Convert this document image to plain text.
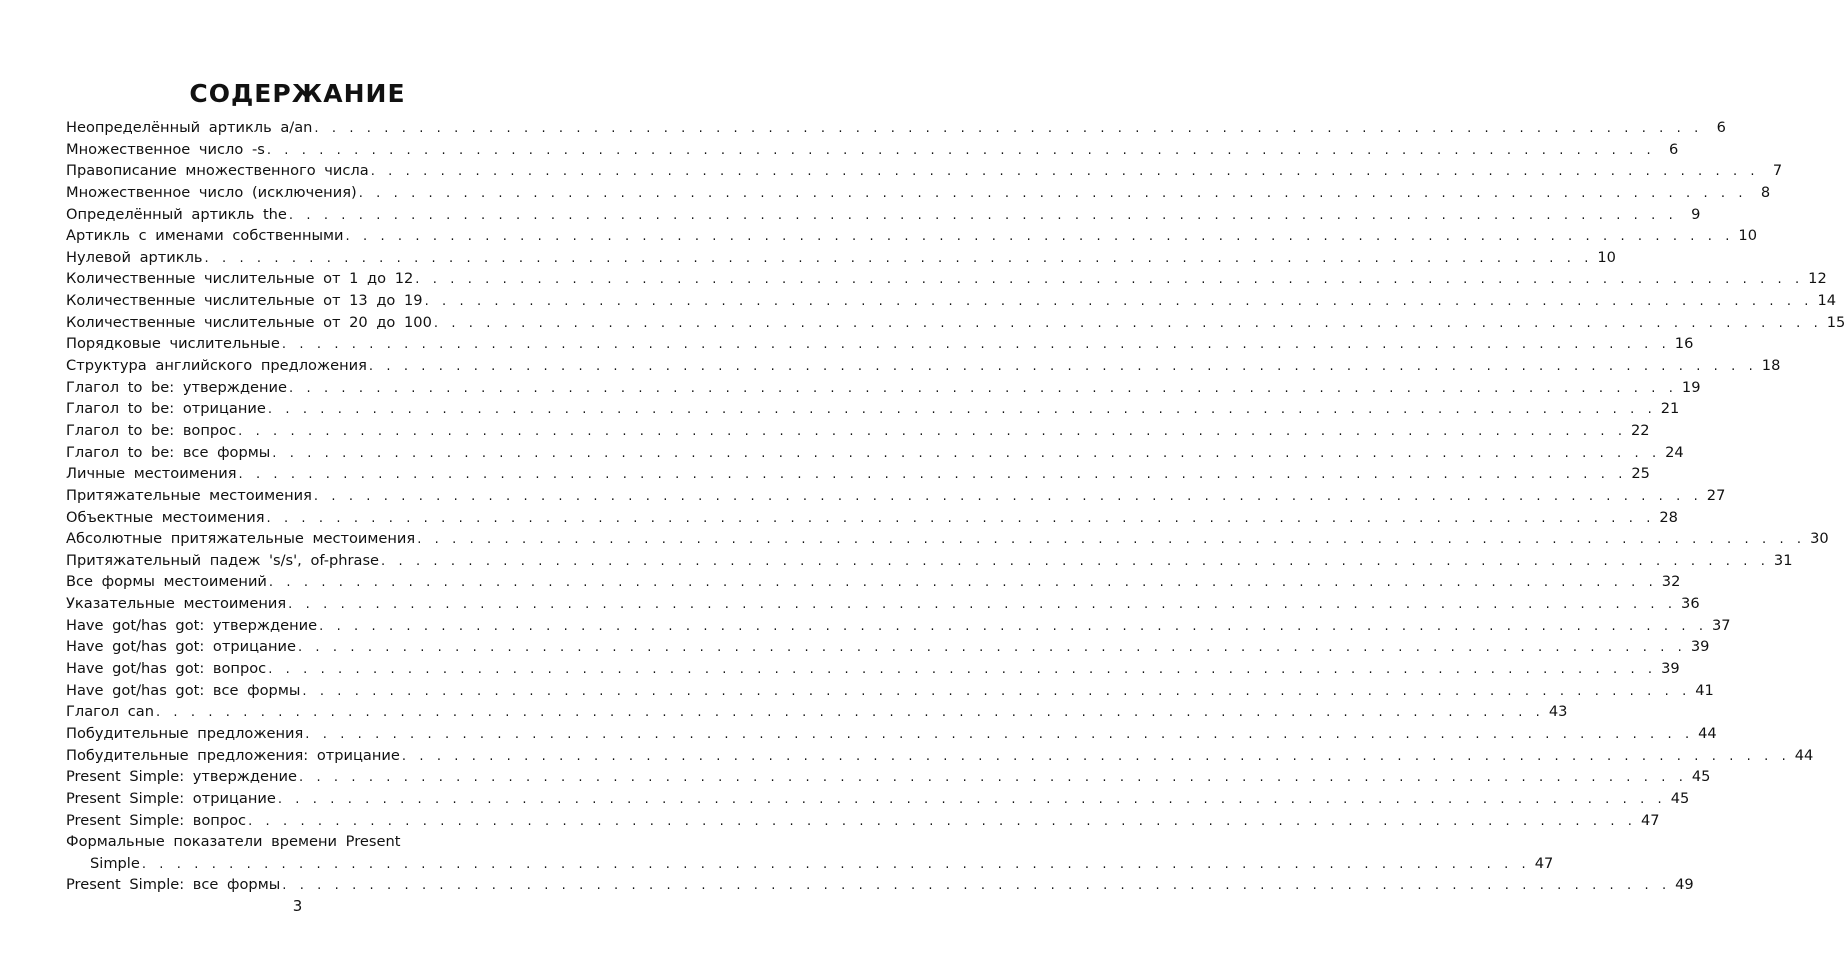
СОДЕРЖАНИЕ
Неопределённый артикль a/an . . . . . . . . . . . . . . . . . . . . . . . . . . . . . . . . . . . . . . . . . . . . . . . . . . . . . . . . . . . . . . . . . . . . . . . . . . . . . . . .	6
Множественное число -s . . . . . . . . . . . . . . . . . . . . . . . . . . . . . . . . . . . . . . . . . . . . . . . . . . . . . . . . . . . . . . . . . . . . . . . . . . . . . . . .	6
Правописание множественного числа . . . . . . . . . . . . . . . . . . . . . . . . . . . . . . . . . . . . . . . . . . . . . . . . . . . . . . . . . . . . . . . . . . . . . . . . . . . . . . . .	7
Множественное число (исключения) . . . . . . . . . . . . . . . . . . . . . . . . . . . . . . . . . . . . . . . . . . . . . . . . . . . . . . . . . . . . . . . . . . . . . . . . . . . . . . . .	8
Определённый артикль the . . . . . . . . . . . . . . . . . . . . . . . . . . . . . . . . . . . . . . . . . . . . . . . . . . . . . . . . . . . . . . . . . . . . . . . . . . . . . . . .	9
Артикль с именами собственными . . . . . . . . . . . . . . . . . . . . . . . . . . . . . . . . . . . . . . . . . . . . . . . . . . . . . . . . . . . . . . . . . . . . . . . . . . . . . . . . 10
Нулевой артикль . . . . . . . . . . . . . . . . . . . . . . . . . . . . . . . . . . . . . . . . . . . . . . . . . . . . . . . . . . . . . . . . . . . . . . . . . . . . . . . . 10
Количественные числительные от 1 до 12 . . . . . . . . . . . . . . . . . . . . . . . . . . . . . . . . . . . . . . . . . . . . . . . . . . . . . . . . . . . . . . . . . . . . . . . . . . . . . . . . 12
Количественные числительные от 13 до 19 . . . . . . . . . . . . . . . . . . . . . . . . . . . . . . . . . . . . . . . . . . . . . . . . . . . . . . . . . . . . . . . . . . . . . . . . . . . . . . . . 14
Количественные числительные от 20 до 100 . . . . . . . . . . . . . . . . . . . . . . . . . . . . . . . . . . . . . . . . . . . . . . . . . . . . . . . . . . . . . . . . . . . . . . . . . . . . . . . . 15
Порядковые числительные . . . . . . . . . . . . . . . . . . . . . . . . . . . . . . . . . . . . . . . . . . . . . . . . . . . . . . . . . . . . . . . . . . . . . . . . . . . . . . . . 16
Структура английского предложения . . . . . . . . . . . . . . . . . . . . . . . . . . . . . . . . . . . . . . . . . . . . . . . . . . . . . . . . . . . . . . . . . . . . . . . . . . . . . . . . 18
Глагол to be: утверждение . . . . . . . . . . . . . . . . . . . . . . . . . . . . . . . . . . . . . . . . . . . . . . . . . . . . . . . . . . . . . . . . . . . . . . . . . . . . . . . . 19
Глагол to be: отрицание . . . . . . . . . . . . . . . . . . . . . . . . . . . . . . . . . . . . . . . . . . . . . . . . . . . . . . . . . . . . . . . . . . . . . . . . . . . . . . . . 21
Глагол to be: вопрос . . . . . . . . . . . . . . . . . . . . . . . . . . . . . . . . . . . . . . . . . . . . . . . . . . . . . . . . . . . . . . . . . . . . . . . . . . . . . . . . 22
Глагол to be: все формы . . . . . . . . . . . . . . . . . . . . . . . . . . . . . . . . . . . . . . . . . . . . . . . . . . . . . . . . . . . . . . . . . . . . . . . . . . . . . . . . 24
Личные местоимения . . . . . . . . . . . . . . . . . . . . . . . . . . . . . . . . . . . . . . . . . . . . . . . . . . . . . . . . . . . . . . . . . . . . . . . . . . . . . . . . 25
Притяжательные местоимения . . . . . . . . . . . . . . . . . . . . . . . . . . . . . . . . . . . . . . . . . . . . . . . . . . . . . . . . . . . . . . . . . . . . . . . . . . . . . . . . 27
Объектные местоимения . . . . . . . . . . . . . . . . . . . . . . . . . . . . . . . . . . . . . . . . . . . . . . . . . . . . . . . . . . . . . . . . . . . . . . . . . . . . . . . . 28
Абсолютные притяжательные местоимения . . . . . . . . . . . . . . . . . . . . . . . . . . . . . . . . . . . . . . . . . . . . . . . . . . . . . . . . . . . . . . . . . . . . . . . . . . . . . . . . 30
Притяжательный падеж 's/s', of-phrase . . . . . . . . . . . . . . . . . . . . . . . . . . . . . . . . . . . . . . . . . . . . . . . . . . . . . . . . . . . . . . . . . . . . . . . . . . . . . . . . 31
Все формы местоимений . . . . . . . . . . . . . . . . . . . . . . . . . . . . . . . . . . . . . . . . . . . . . . . . . . . . . . . . . . . . . . . . . . . . . . . . . . . . . . . . 32
Указательные местоимения . . . . . . . . . . . . . . . . . . . . . . . . . . . . . . . . . . . . . . . . . . . . . . . . . . . . . . . . . . . . . . . . . . . . . . . . . . . . . . . . 36
Have got/has got: утверждение . . . . . . . . . . . . . . . . . . . . . . . . . . . . . . . . . . . . . . . . . . . . . . . . . . . . . . . . . . . . . . . . . . . . . . . . . . . . . . . . 37
Have got/has got: отрицание . . . . . . . . . . . . . . . . . . . . . . . . . . . . . . . . . . . . . . . . . . . . . . . . . . . . . . . . . . . . . . . . . . . . . . . . . . . . . . . . 39
Have got/has got: вопрос . . . . . . . . . . . . . . . . . . . . . . . . . . . . . . . . . . . . . . . . . . . . . . . . . . . . . . . . . . . . . . . . . . . . . . . . . . . . . . . . 39
Have got/has got: все формы . . . . . . . . . . . . . . . . . . . . . . . . . . . . . . . . . . . . . . . . . . . . . . . . . . . . . . . . . . . . . . . . . . . . . . . . . . . . . . . . 41
Глагол can . . . . . . . . . . . . . . . . . . . . . . . . . . . . . . . . . . . . . . . . . . . . . . . . . . . . . . . . . . . . . . . . . . . . . . . . . . . . . . . . 43
Побудительные предложения . . . . . . . . . . . . . . . . . . . . . . . . . . . . . . . . . . . . . . . . . . . . . . . . . . . . . . . . . . . . . . . . . . . . . . . . . . . . . . . . 44
Побудительные предложения: отрицание . . . . . . . . . . . . . . . . . . . . . . . . . . . . . . . . . . . . . . . . . . . . . . . . . . . . . . . . . . . . . . . . . . . . . . . . . . . . . . . . 44
Present Simple: утверждение . . . . . . . . . . . . . . . . . . . . . . . . . . . . . . . . . . . . . . . . . . . . . . . . . . . . . . . . . . . . . . . . . . . . . . . . . . . . . . . . 45
Present Simple: отрицание . . . . . . . . . . . . . . . . . . . . . . . . . . . . . . . . . . . . . . . . . . . . . . . . . . . . . . . . . . . . . . . . . . . . . . . . . . . . . . . . 45
Present Simple: вопрос . . . . . . . . . . . . . . . . . . . . . . . . . . . . . . . . . . . . . . . . . . . . . . . . . . . . . . . . . . . . . . . . . . . . . . . . . . . . . . . . 47
Формальные показатели времени Present
Simple . . . . . . . . . . . . . . . . . . . . . . . . . . . . . . . . . . . . . . . . . . . . . . . . . . . . . . . . . . . . . . . . . . . . . . . . . . . . . . . . 47
Present Simple: все формы . . . . . . . . . . . . . . . . . . . . . . . . . . . . . . . . . . . . . . . . . . . . . . . . . . . . . . . . . . . . . . . . . . . . . . . . . . . . . . . . 49
3
